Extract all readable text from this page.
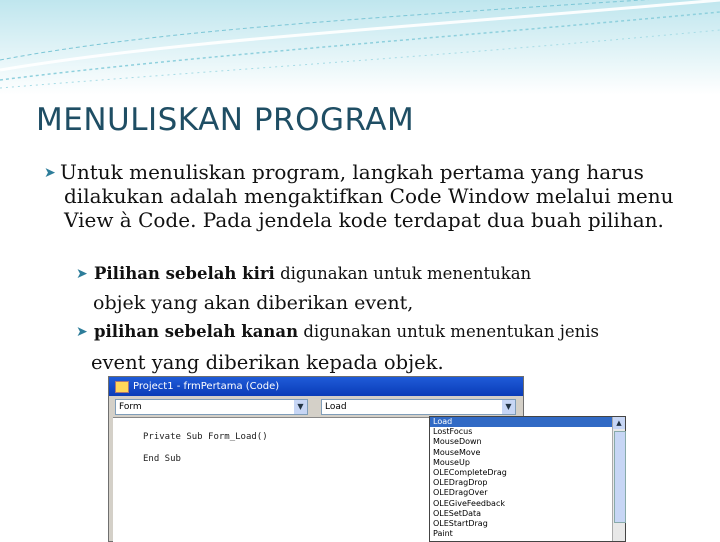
MENULISKAN PROGRAM
➤ Untuk menuliskan program, langkah pertama yang harus dilakukan adalah mengaktifkan Code Window melalui menu View à Code. Pada jendela kode terdapat dua buah pilihan.
➤ Pilihan sebelah kiri digunakan untuk menentukan
objek yang akan diberikan event,
➤ pilihan sebelah kanan digunakan untuk menentukan jenis
event yang diberikan kepada objek.
Project1 - frmPertama (Code)
Form	▼	Load	▼
Private Sub Form_Load()
End Sub
Load
LostFocus
MouseDown
MouseMove
MouseUp
OLECompleteDrag
OLEDragDrop
OLEDragOver
OLEGiveFeedback
OLESetData
OLEStartDrag
Paint
▲
